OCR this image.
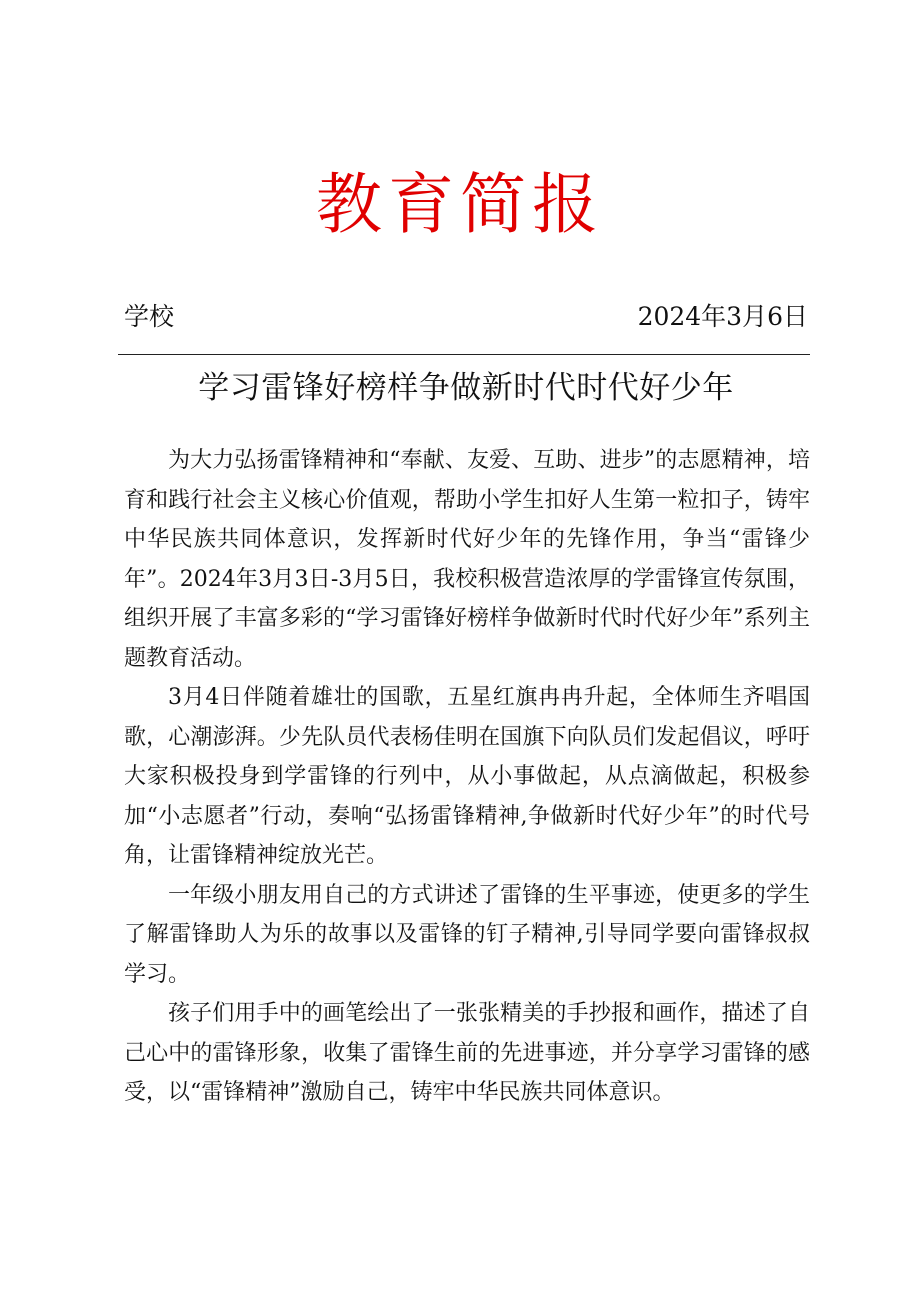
教育简报
学校	2024年3月6日
学习雷锋好榜样争做新时代时代好少年

为大力弘扬雷锋精神和“奉献、友爱、互助、进步”的志愿精神，培育和践行社会主义核心价值观，帮助小学生扣好人生第一粒扣子，铸牢中华民族共同体意识，发挥新时代好少年的先锋作用，争当“雷锋少年”。2024年3月3日-3月5日，我校积极营造浓厚的学雷锋宣传氛围，组织开展了丰富多彩的“学习雷锋好榜样争做新时代时代好少年”系列主题教育活动。

3月4日伴随着雄壮的国歌，五星红旗冉冉升起，全体师生齐唱国歌，心潮澎湃。少先队员代表杨佳明在国旗下向队员们发起倡议，呼吁大家积极投身到学雷锋的行列中，从小事做起，从点滴做起，积极参加“小志愿者”行动，奏响“弘扬雷锋精神,争做新时代好少年”的时代号角，让雷锋精神绽放光芒。

一年级小朋友用自己的方式讲述了雷锋的生平事迹，使更多的学生了解雷锋助人为乐的故事以及雷锋的钉子精神,引导同学要向雷锋叔叔学习。

孩子们用手中的画笔绘出了一张张精美的手抄报和画作，描述了自己心中的雷锋形象，收集了雷锋生前的先进事迹，并分享学习雷锋的感受，以“雷锋精神”激励自己，铸牢中华民族共同体意识。
